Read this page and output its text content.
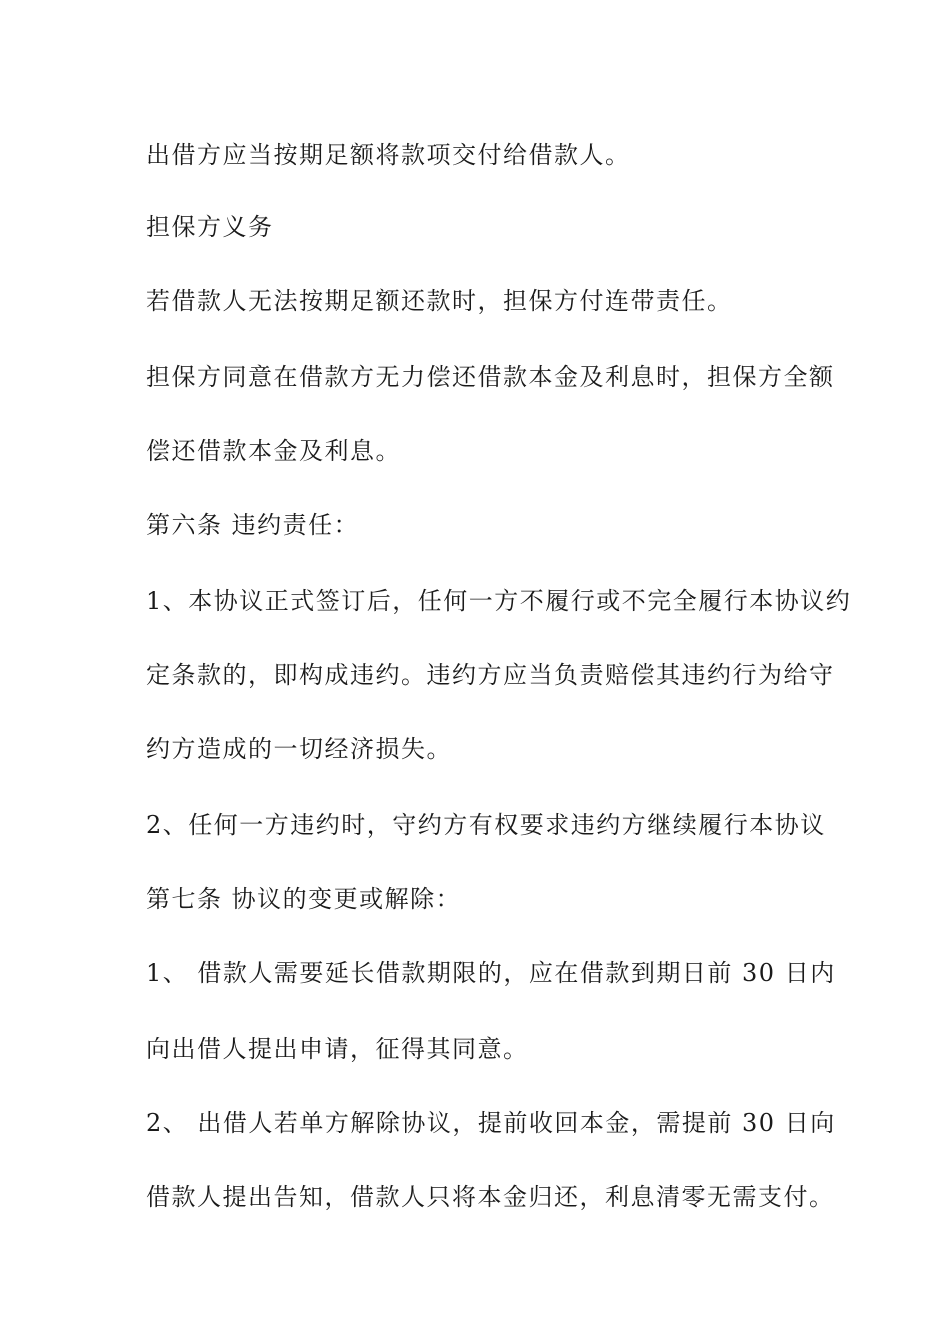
出借方应当按期足额将款项交付给借款人。
担保方义务
若借款人无法按期足额还款时，担保方付连带责任。
担保方同意在借款方无力偿还借款本金及利息时，担保方全额
偿还借款本金及利息。
第六条 违约责任：
1、本协议正式签订后，任何一方不履行或不完全履行本协议约
定条款的，即构成违约。违约方应当负责赔偿其违约行为给守
约方造成的一切经济损失。
2、任何一方违约时，守约方有权要求违约方继续履行本协议
第七条 协议的变更或解除：
1、 借款人需要延长借款期限的，应在借款到期日前 30 日内
向出借人提出申请，征得其同意。
2、 出借人若单方解除协议，提前收回本金，需提前 30 日向
借款人提出告知，借款人只将本金归还，利息清零无需支付。
